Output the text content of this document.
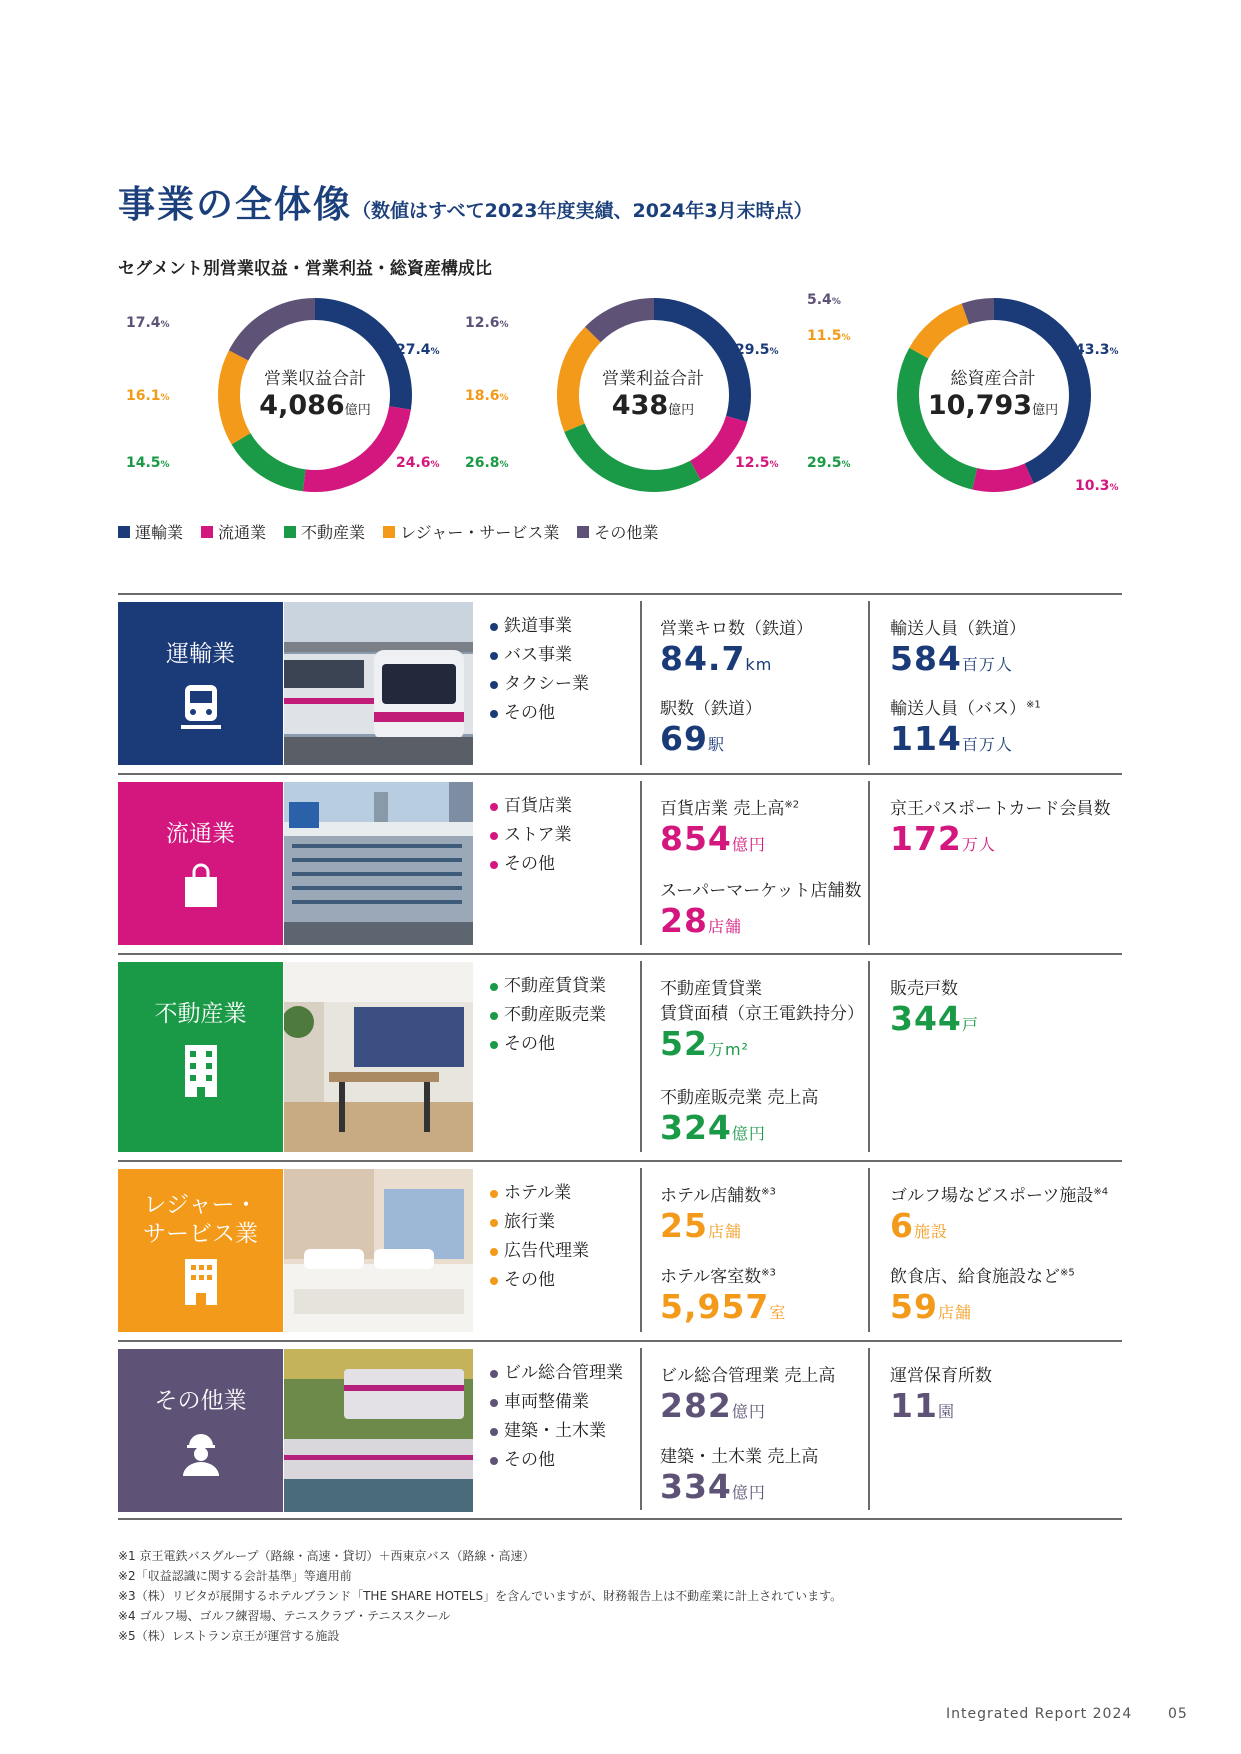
事業の全体像（数値はすべて2023年度実績、2024年3月末時点）
セグメント別営業収益・営業利益・総資産構成比
営業収益合計
4,086億円
27.4%
24.6%
14.5%
16.1%
17.4%
営業利益合計
438億円
29.5%
12.5%
26.8%
18.6%
12.6%
総資産合計
10,793億円
43.3%
10.3%
29.5%
11.5%
5.4%
運輸業 流通業 不動産業 レジャー・サービス業 その他業
運輸業
鉄道事業
バス事業
タクシー業
その他
営業キロ数（鉄道）
84.7km
駅数（鉄道）
69駅
輸送人員（鉄道）
584百万人
輸送人員（バス）$^{※1}$
114百万人
流通業
百貨店業
ストア業
その他
百貨店業 売上高$^{※2}$
854億円
スーパーマーケット店舗数
28店舗
京王パスポートカード会員数
172万人
不動産業
不動産賃貸業
不動産販売業
その他
不動産賃貸業
賃貸面積（京王電鉄持分）
52万m²
不動産販売業 売上高
324億円
販売戸数
344戸
レジャー・
サービス業
ホテル業
旅行業
広告代理業
その他
ホテル店舗数$^{※3}$
25店舗
ホテル客室数$^{※3}$
5,957室
ゴルフ場などスポーツ施設$^{※4}$
6施設
飲食店、給食施設など$^{※5}$
59店舗
その他業
ビル総合管理業
車両整備業
建築・土木業
その他
ビル総合管理業 売上高
282億円
建築・土木業 売上高
334億円
運営保育所数
11園
※1 京王電鉄バスグループ（路線・高速・貸切）＋西東京バス（路線・高速）
※2「収益認識に関する会計基準」等適用前
※3（株）リビタが展開するホテルブランド「THE SHARE HOTELS」を含んでいますが、財務報告上は不動産業に計上されています。
※4 ゴルフ場、ゴルフ練習場、テニスクラブ・テニススクール
※5（株）レストラン京王が運営する施設
Integrated Report 2024	05
